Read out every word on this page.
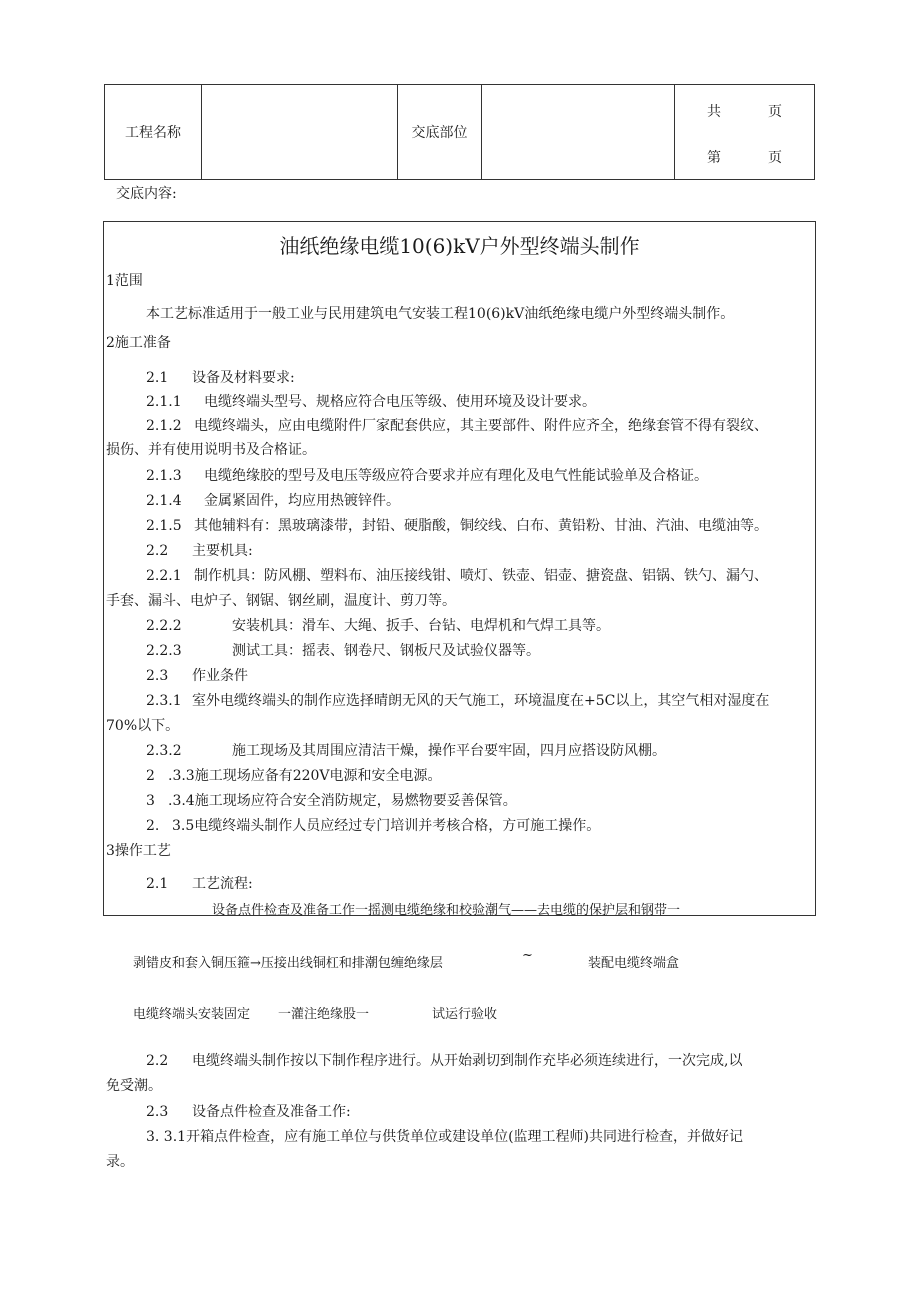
工程名称		交底部位		
共	页
第	页
交底内容:
油纸绝缘电缆10(6)kV户外型终端头制作
1范围
本工艺标准适用于一般工业与民用建筑电气安装工程10(6)kV油纸绝缘电缆户外型终端头制作。
2施工准备
2.1 设备及材料要求:
2.1.1 电缆终端头型号、规格应符合电压等级、使用环境及设计要求。
2.1.2 电缆终端头，应由电缆附件厂家配套供应，其主要部件、附件应齐全，绝缘套管不得有裂纹、
损伤、并有使用说明书及合格证。
2.1.3 电缆绝缘胶的型号及电压等级应符合要求并应有理化及电气性能试验单及合格证。
2.1.4 金属紧固件，均应用热镀锌件。
2.1.5 其他辅料有：黑玻璃漆带，封铅、硬脂酸，铜绞线、白布、黄铅粉、甘油、汽油、电缆油等。
2.2 主要机具:
2.2.1 制作机具：防风棚、塑料布、油压接线钳、喷灯、铁壶、铝壶、搪瓷盘、铝锅、铁勺、漏勺、
手套、漏斗、电炉子、钢锯、钢丝刷，温度计、剪刀等。
2.2.2	安装机具：滑车、大绳、扳手、台钻、电焊机和气焊工具等。
2.2.3	测试工具：摇表、钢卷尺、钢板尺及试验仪器等。
2.3 作业条件
2.3.1 室外电缆终端头的制作应选择晴朗无风的天气施工，环境温度在+5C以上，其空气相对湿度在
70%以下。
2.3.2	施工现场及其周围应清洁干燥，操作平台要牢固，四月应搭设防风棚。
2 .3.3施工现场应备有220V电源和安全电源。
3 .3.4施工现场应符合安全消防规定，易燃物要妥善保管。
2. 3.5电缆终端头制作人员应经过专门培训并考核合格，方可施工操作。
3操作工艺
2.1 工艺流程:
设备点件检查及准备工作一摇测电缆绝缘和校验潮气——去电缆的保护层和钢带一
剥错皮和套入铜压箍→压接出线铜杠和排潮包缠绝缘层
~
装配电缆终端盒
电缆终端头安装固定 一灌注绝缘股一	试运行验收
2.2 电缆终端头制作按以下制作程序进行。从开始剥切到制作充毕必须连续进行，一次完成,以
免受潮。
2.3 设备点件检查及准备工作:
3. 3.1开箱点件检查，应有施工单位与供货单位或建设单位(监理工程师)共同进行检查，并做好记
录。
